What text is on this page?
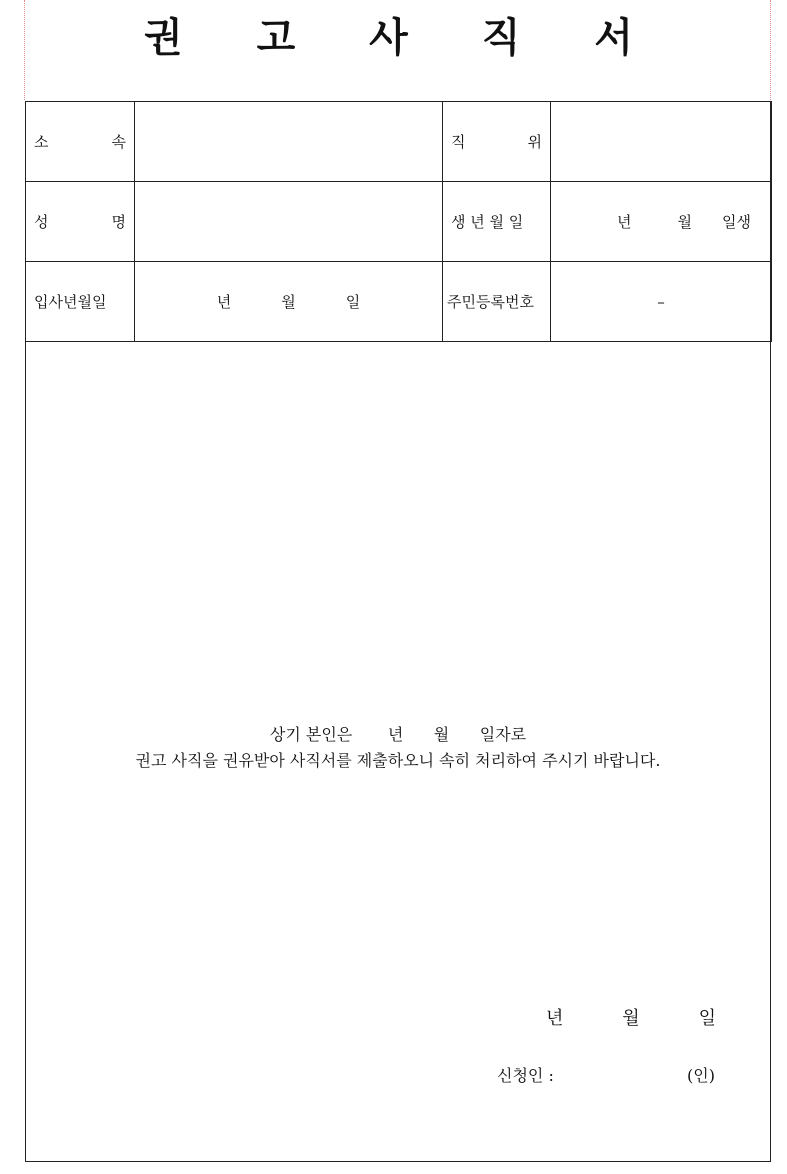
권 고 사 직 서
소 속		직 위	

성 명		생 년 월 일	년 월 일생

입사년월일	년 월 일	주민등록번호	–
상기 본인은       년      월      일자로
권고 사직을 권유받아 사직서를 제출하오니 속히 처리하여 주시기 바랍니다.
년	월	일
신청인 :	(인)
